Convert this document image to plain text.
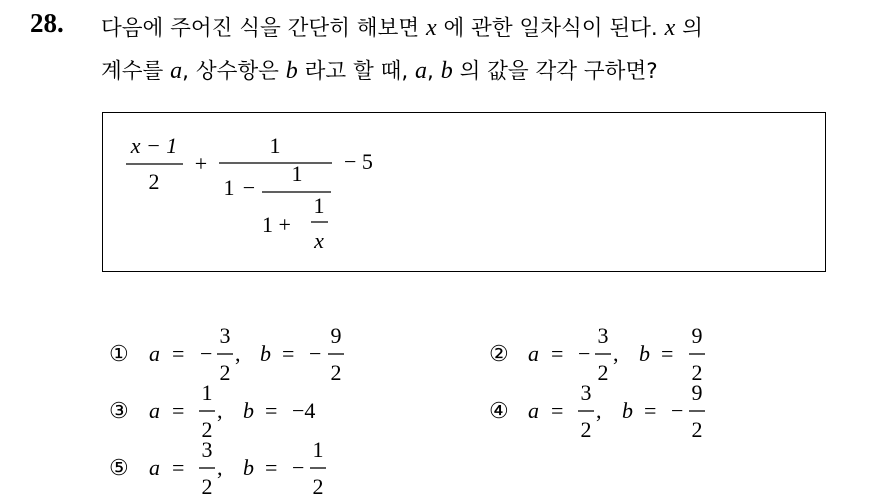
28. 다음에 주어진 식을 간단히 해보면 x 에 관한 일차식이 된다. x 의
계수를 a, 상수항은 b 라고 할 때, a, b 의 값을 각각 구하면?
x − 1
2
+
1
1 −
1
1 +
1
x
− 5
① a = −
3
2
, b = −
9
2
② a = −
3
2
, b =
9
2
③ a =
1
2
, b = −4	④ a =
3
2
, b = −
9
2
⑤ a =
3
2
, b = −
1
2
